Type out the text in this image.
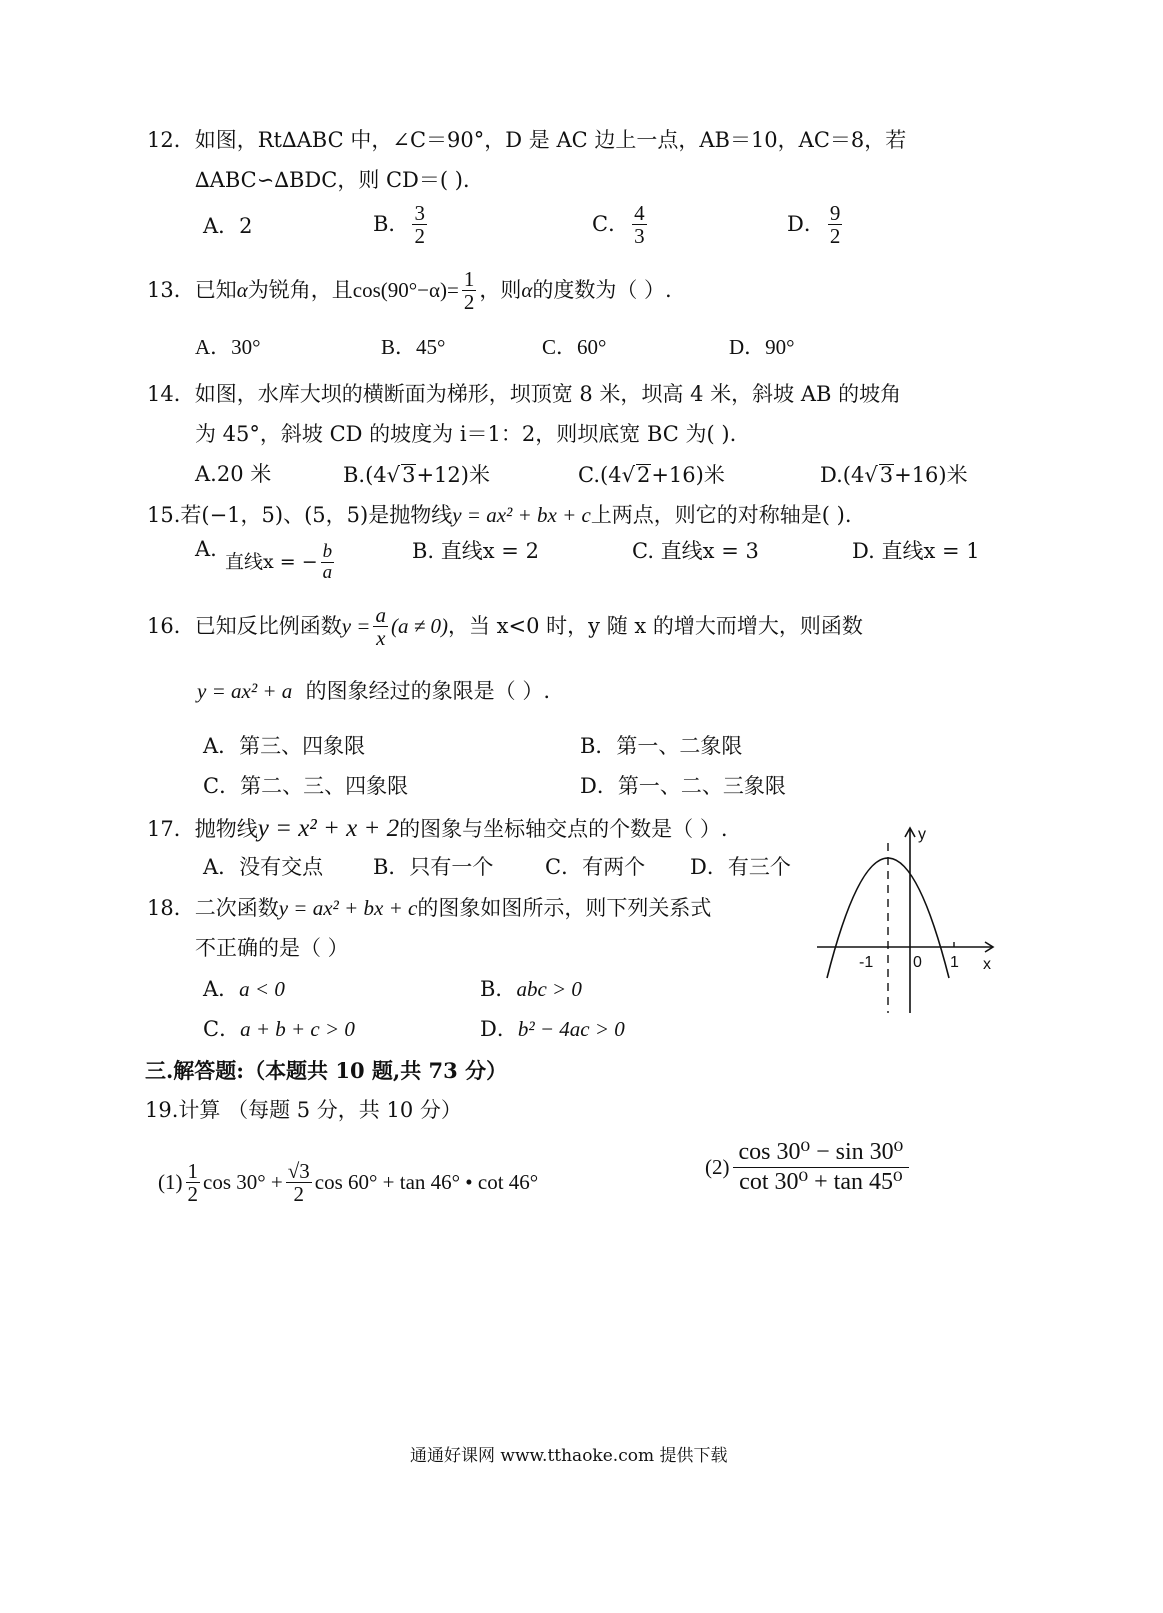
12．如图，Rt∆ABC 中，∠C＝90°，D 是 AC 边上一点，AB＝10，AC＝8，若
∆ABC∽∆BDC，则 CD＝( )．
A．2	B． $\frac{3}{2}$	C． $\frac{4}{3}$	D． $\frac{9}{2}$
13．已知α为锐角，且$\cos(90^\circ-\alpha)= \frac{1}{2}$ ，则α的度数为（ ）.
A．30°	B．45°	C．60°	D．90°
14．如图，水库大坝的横断面为梯形，坝顶宽 8 米，坝高 4 米，斜坡 AB 的坡角
为 45°，斜坡 CD 的坡度为 i＝1：2，则坝底宽 BC 为( ).
A.20 米	B.(4√3+12)米	C.(4√2+16)米	D.(4√3+16)米
15.若(−1，5)、(5，5)是抛物线y = ax² + bx + c上两点，则它的对称轴是( ).
A.
直线x = − $\frac{b}{a}$	B. 直线x = 2	C. 直线x = 3	D. 直线x = 1
16．已知反比例函数$y = \frac{a}{x} (a \ne 0)$，当 x<0 时，y 随 x 的增大而增大，则函数
y = ax² + a 的图象经过的象限是（ ）.
A．第三、四象限	B．第一、二象限
C．第二、三、四象限	D．第一、二、三象限
17．抛物线y = x² + x + 2的图象与坐标轴交点的个数是（ ）.
A．没有交点 B．只有一个 C．有两个 D．有三个
18．二次函数y = ax² + bx + c的图象如图所示，则下列关系式
不正确的是（ ）
A．a < 0	B．abc > 0
C．a + b + c > 0	D．b² − 4ac > 0
y
x
-1 0 1
三.解答题:（本题共 10 题,共 73 分）
19.计算 （每题 5 分，共 10 分）
$(1) \frac{1}{2}$ $\cos 30^\circ + \frac{√3}{2}$ cos 60° + tan 46° • cot 46°
$(2) \frac{\text{cos 30⁰ − sin 30⁰}}{\text{cot 30⁰ + tan 45⁰}}$
通通好课网 www.tthaoke.com 提供下载
